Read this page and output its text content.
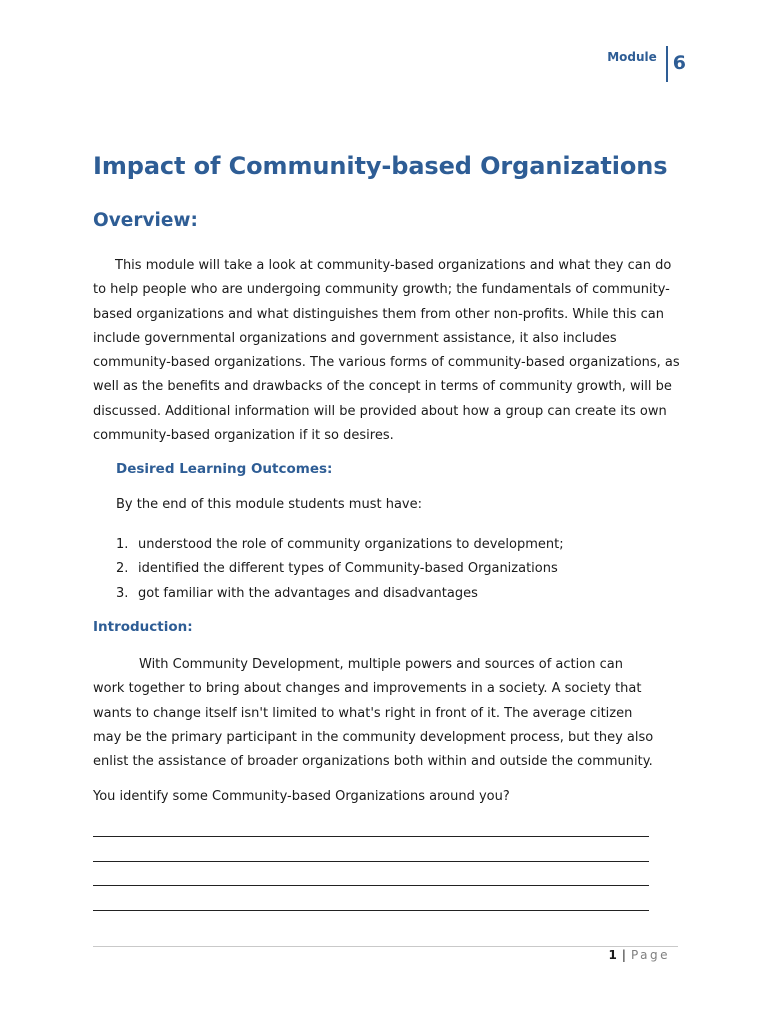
Module 6
Impact of Community-based Organizations
Overview:

This module will take a look at community-based organizations and what they can do to help people who are undergoing community growth; the fundamentals of community-based organizations and what distinguishes them from other non-profits. While this can include governmental organizations and government assistance, it also includes community-based organizations. The various forms of community-based organizations, as well as the benefits and drawbacks of the concept in terms of community growth, will be discussed. Additional information will be provided about how a group can create its own community-based organization if it so desires.

Desired Learning Outcomes:

By the end of this module students must have:

1. understood the role of community organizations to development;
2. identified the different types of Community-based Organizations
3. got familiar with the advantages and disadvantages
Introduction:

With Community Development, multiple powers and sources of action can work together to bring about changes and improvements in a society. A society that wants to change itself isn't limited to what's right in front of it. The average citizen may be the primary participant in the community development process, but they also enlist the assistance of broader organizations both within and outside the community.

You identify some Community-based Organizations around you?

1 | Page
